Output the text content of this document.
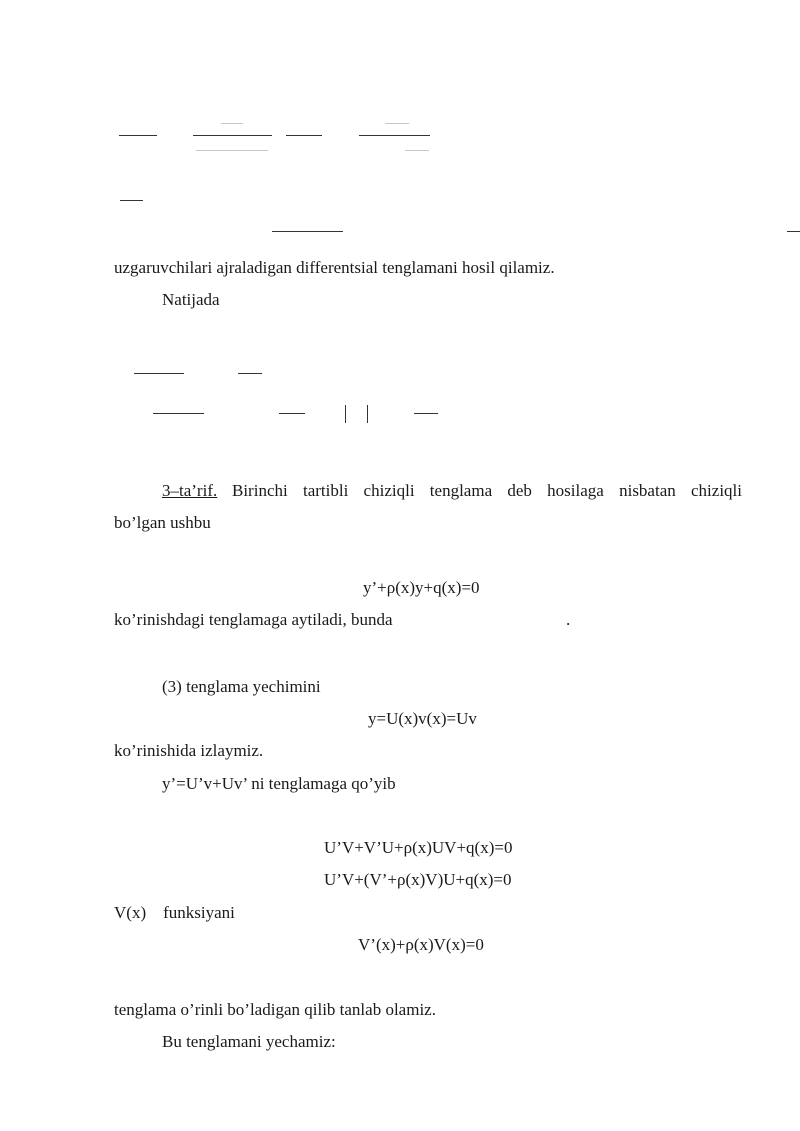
uzgaruvchilari ajraladigan differentsial tenglamani hosil qilamiz.
Natijada
3–ta’rif. Birinchi tartibli chiziqli tenglama deb hosilaga nisbatan chiziqli
bo’lgan ushbu
y’+ρ(x)y+q(x)=0
ko’rinishdagi tenglamaga aytiladi, bunda	.
(3) tenglama yechimini
y=U(x)v(x)=Uv
ko’rinishida izlaymiz.
y’=U’v+Uv’ ni tenglamaga qo’yib
U’V+V’U+ρ(x)UV+q(x)=0
U’V+(V’+ρ(x)V)U+q(x)=0
V(x)    funksiyani
V’(x)+ρ(x)V(x)=0
tenglama o’rinli bo’ladigan qilib tanlab olamiz.
Bu tenglamani yechamiz:
